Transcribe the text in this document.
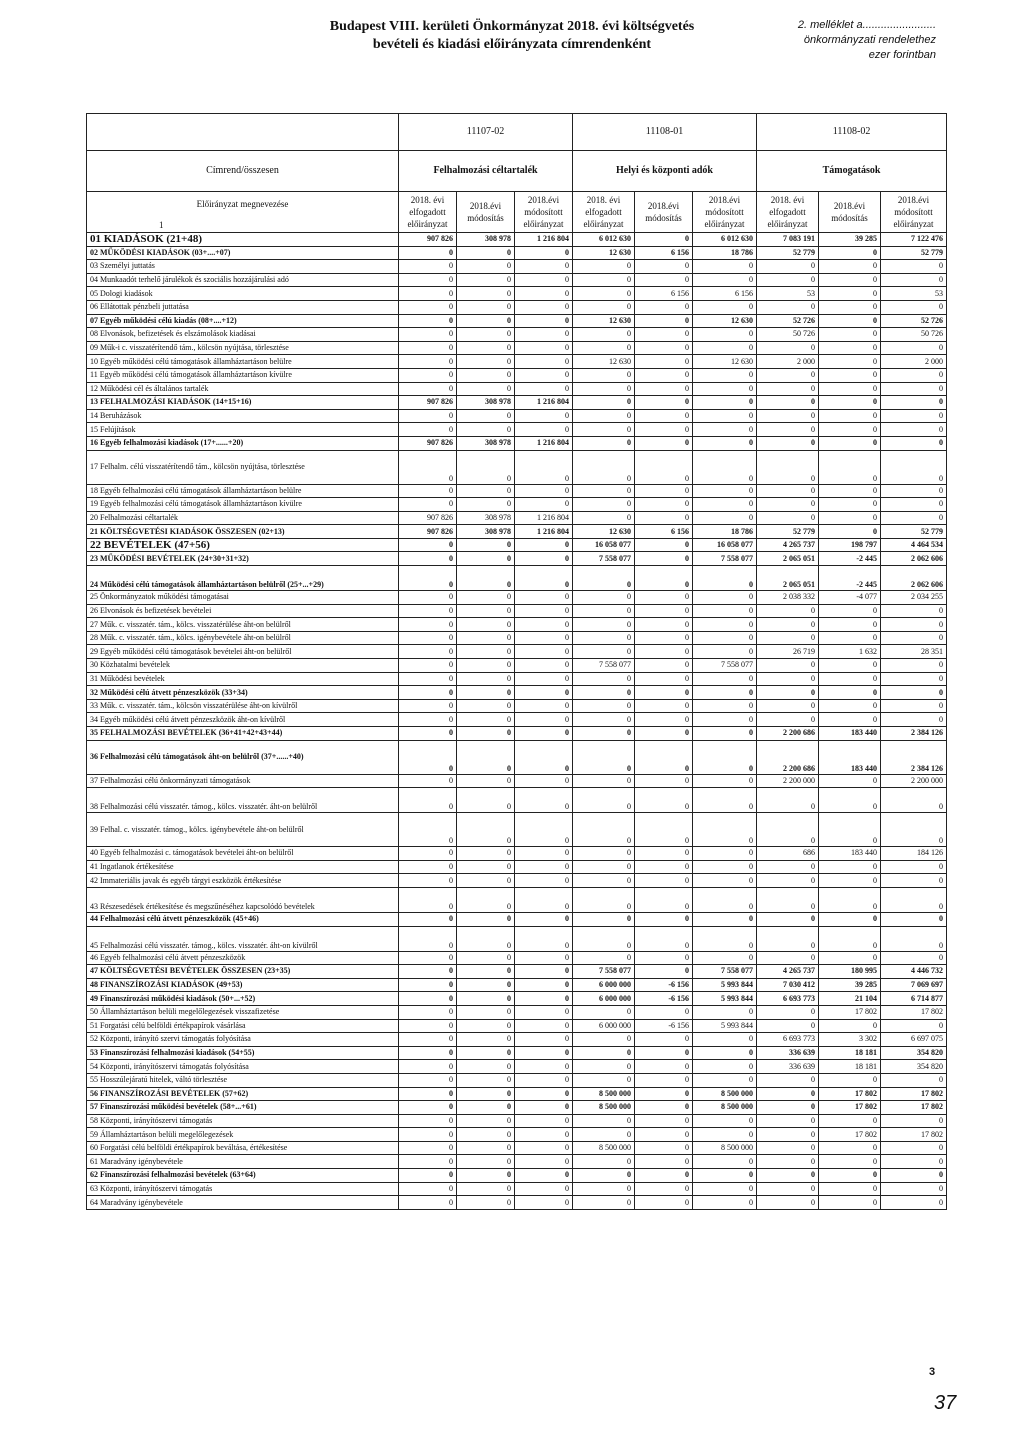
Budapest VIII. kerületi Önkormányzat 2018. évi költségvetés
bevételi és kiadási előirányzata címrendenként
2. melléklet a........................
önkormányzati rendelethez
ezer forintban
	11107-02			11108-01			11108-02		
Címrend/összesen	Felhalmozási céltartalék			Helyi és központi adók			Támogatások		

Előirányzat megnevezése
1	2018. évi elfogadott előirányzat	2018.évi módosítás	2018.évi módosított előirányzat	2018. évi elfogadott előirányzat	2018.évi módosítás	2018.évi módosított előirányzat	2018. évi elfogadott előirányzat	2018.évi módosítás	2018.évi módosított előirányzat
01 KIADÁSOK (21+48)	907 826	308 978	1 216 804	6 012 630	0	6 012 630	7 083 191	39 285	7 122 476
02 MŰKÖDÉSI KIADÁSOK (03+....+07)	0	0	0	12 630	6 156	18 786	52 779	0	52 779
03 Személyi juttatás	0	0	0	0	0	0	0	0	0
04 Munkaadót terhelő járulékok és szociális hozzájárulási adó	0	0	0	0	0	0	0	0	0
05 Dologi kiadások	0	0	0	0	6 156	6 156	53	0	53
06 Ellátottak pénzbeli juttatása	0	0	0	0	0	0	0	0	0
07 Egyéb működési célú kiadás (08+....+12)	0	0	0	12 630	0	12 630	52 726	0	52 726
08 Elvonások, befizetések és elszámolások kiadásai	0	0	0	0	0	0	50 726	0	50 726
09 Műk-i c. visszatérítendő tám., kölcsön nyújtása, törlesztése	0	0	0	0	0	0	0	0	0
10 Egyéb működési célú támogatások államháztartáson belülre	0	0	0	12 630	0	12 630	2 000	0	2 000
11 Egyéb működési célú támogatások államháztartáson kívülre	0	0	0	0	0	0	0	0	0
12 Működési cél és általános tartalék	0	0	0	0	0	0	0	0	0
13 FELHALMOZÁSI KIADÁSOK (14+15+16)	907 826	308 978	1 216 804	0	0	0	0	0	0
14 Beruházások	0	0	0	0	0	0	0	0	0
15 Felújítások	0	0	0	0	0	0	0	0	0
16 Egyéb felhalmozási kiadások (17+......+20)	907 826	308 978	1 216 804	0	0	0	0	0	0
17 Felhalm. célú visszatérítendő tám., kölcsön nyújtása, törlesztése	0	0	0	0	0	0	0	0	0
18 Egyéb felhalmozási célú támogatások államháztartáson belülre	0	0	0	0	0	0	0	0	0
19 Egyéb felhalmozási célú támogatások államháztartáson kívülre	0	0	0	0	0	0	0	0	0
20 Felhalmozási céltartalék	907 826	308 978	1 216 804	0	0	0	0	0	0
21 KÖLTSÉGVETÉSI KIADÁSOK ÖSSZESEN (02+13)	907 826	308 978	1 216 804	12 630	6 156	18 786	52 779	0	52 779
22 BEVÉTELEK (47+56)	0	0	0	16 058 077	0	16 058 077	4 265 737	198 797	4 464 534
23 MŰKÖDÉSI BEVÉTELEK (24+30+31+32)	0	0	0	7 558 077	0	7 558 077	2 065 051	-2 445	2 062 606
24 Működési célú támogatások államháztartáson belülről (25+...+29)	0	0	0	0	0	0	2 065 051	-2 445	2 062 606
25 Önkormányzatok működési támogatásai	0	0	0	0	0	0	2 038 332	-4 077	2 034 255
26 Elvonások és befizetések bevételei	0	0	0	0	0	0	0	0	0
27 Műk. c. visszatér. tám., kölcs. visszatérülése áht-on belülről	0	0	0	0	0	0	0	0	0
28 Műk. c. visszatér. tám., kölcs. igénybevétele áht-on belülről	0	0	0	0	0	0	0	0	0
29 Egyéb működési célú támogatások bevételei áht-on belülről	0	0	0	0	0	0	26 719	1 632	28 351
30 Közhatalmi bevételek	0	0	0	7 558 077	0	7 558 077	0	0	0
31 Működési bevételek	0	0	0	0	0	0	0	0	0
32 Működési célú átvett pénzeszközök (33+34)	0	0	0	0	0	0	0	0	0
33 Műk. c. visszatér. tám., kölcsön visszatérülése áht-on kívülről	0	0	0	0	0	0	0	0	0
34 Egyéb működési célú átvett pénzeszközök áht-on kívülről	0	0	0	0	0	0	0	0	0
35 FELHALMOZÁSI BEVÉTELEK (36+41+42+43+44)	0	0	0	0	0	0	2 200 686	183 440	2 384 126
36 Felhalmozási célú támogatások áht-on belülről (37+......+40)	0	0	0	0	0	0	2 200 686	183 440	2 384 126
37 Felhalmozási célú önkormányzati támogatások	0	0	0	0	0	0	2 200 000	0	2 200 000
38 Felhalmozási célú visszatér. támog., kölcs. visszatér. áht-on belülről	0	0	0	0	0	0	0	0	0
39 Felhal. c. visszatér. támog., kölcs. igénybevétele áht-on belülről	0	0	0	0	0	0	0	0	0
40 Egyéb felhalmozási c. támogatások bevételei áht-on belülről	0	0	0	0	0	0	686	183 440	184 126
41 Ingatlanok értékesítése	0	0	0	0	0	0	0	0	0
42 Immateriális javak és egyéb tárgyi eszközök értékesítése	0	0	0	0	0	0	0	0	0
43 Részesedések értékesítése és megszűnéséhez kapcsolódó bevételek	0	0	0	0	0	0	0	0	0
44 Felhalmozási célú átvett pénzeszközök (45+46)	0	0	0	0	0	0	0	0	0
45 Felhalmozási célú visszatér. támog., kölcs. visszatér. áht-on kívülről	0	0	0	0	0	0	0	0	0
46 Egyéb felhalmozási célú átvett pénzeszközök	0	0	0	0	0	0	0	0	0
47 KÖLTSÉGVETÉSI BEVÉTELEK ÖSSZESEN (23+35)	0	0	0	7 558 077	0	7 558 077	4 265 737	180 995	4 446 732
48 FINANSZÍROZÁSI KIADÁSOK (49+53)	0	0	0	6 000 000	-6 156	5 993 844	7 030 412	39 285	7 069 697
49 Finanszírozási működési kiadások (50+...+52)	0	0	0	6 000 000	-6 156	5 993 844	6 693 773	21 104	6 714 877
50 Államháztartáson belüli megelőlegezések visszafizetése	0	0	0	0	0	0	0	17 802	17 802
51 Forgatási célú belföldi értékpapírok vásárlása	0	0	0	6 000 000	-6 156	5 993 844	0	0	0
52 Központi, irányító szervi támogatás folyósítása	0	0	0	0	0	0	6 693 773	3 302	6 697 075
53 Finanszírozási felhalmozási kiadások (54+55)	0	0	0	0	0	0	336 639	18 181	354 820
54 Központi, irányítószervi támogatás folyósítása	0	0	0	0	0	0	336 639	18 181	354 820
55 Hosszúlejáratú hitelek, váltó törlesztése	0	0	0	0	0	0	0	0	0
56 FINANSZÍROZÁSI BEVÉTELEK (57+62)	0	0	0	8 500 000	0	8 500 000	0	17 802	17 802
57 Finanszírozási működési bevételek (58+...+61)	0	0	0	8 500 000	0	8 500 000	0	17 802	17 802
58 Központi, irányítószervi támogatás	0	0	0	0	0	0	0	0	0
59 Államháztartáson belüli megelőlegezések	0	0	0	0	0	0	0	17 802	17 802
60 Forgatási célú belföldi értékpapírok beváltása, értékesítése	0	0	0	8 500 000	0	8 500 000	0	0	0
61 Maradvány igénybevétele	0	0	0	0	0	0	0	0	0
62 Finanszírozási felhalmozási bevételek (63+64)	0	0	0	0	0	0	0	0	0
63 Központi, irányítószervi támogatás	0	0	0	0	0	0	0	0	0
64 Maradvány igénybevétele	0	0	0	0	0	0	0	0	0
3
37
